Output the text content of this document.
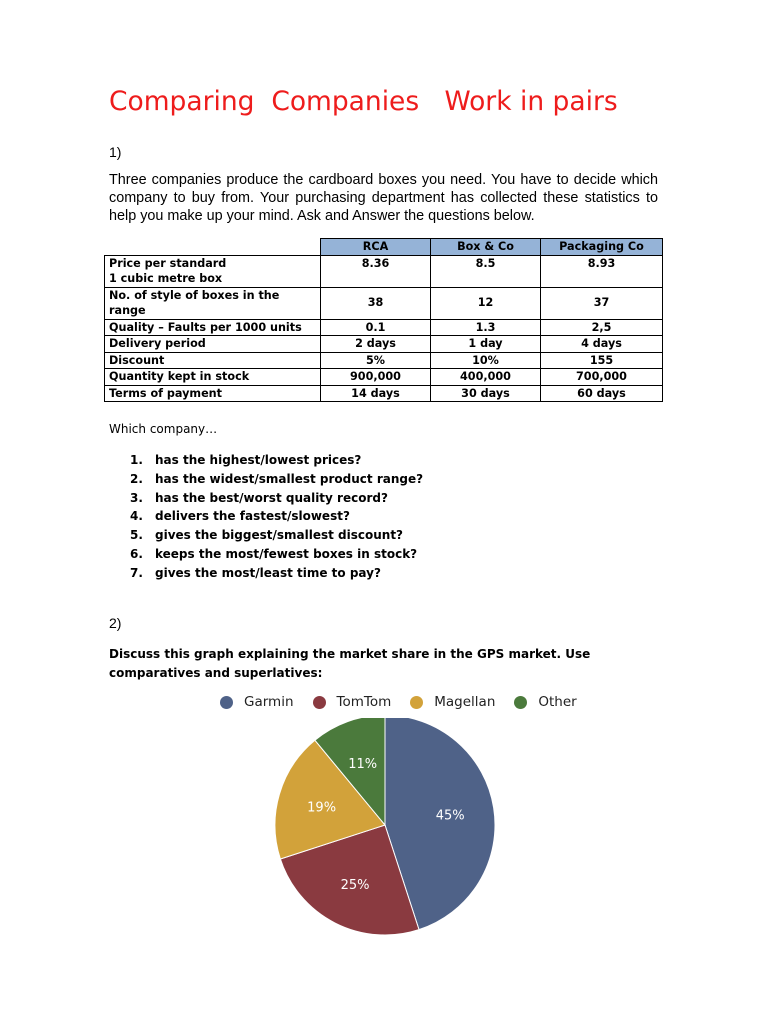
Comparing  Companies   Work in pairs

1)

Three companies produce the cardboard boxes you need. You have to decide which company to buy from. Your purchasing department has collected these statistics to help you make up your mind. Ask and Answer the questions below.

	RCA	Box & Co	Packaging Co
Price per standard
1 cubic metre box	8.36	8.5	8.93
No. of style of boxes in the range	38	12	37
Quality – Faults per 1000 units	0.1	1.3	2,5
Delivery period	2 days	1 day	4 days
Discount	5%	10%	155
Quantity kept in stock	900,000	400,000	700,000
Terms of payment	14 days	30 days	60 days

Which company…

1. has the highest/lowest prices?
2. has the widest/smallest product range?
3. has the best/worst quality record?
4. delivers the fastest/slowest?
5. gives the biggest/smallest discount?
6. keeps the most/fewest boxes in stock?
7. gives the most/least time to pay?

2)

Discuss this graph explaining the market share in the GPS market. Use comparatives and superlatives:

Garmin	TomTom	Magellan	Other
45%
25%
19%
11%
